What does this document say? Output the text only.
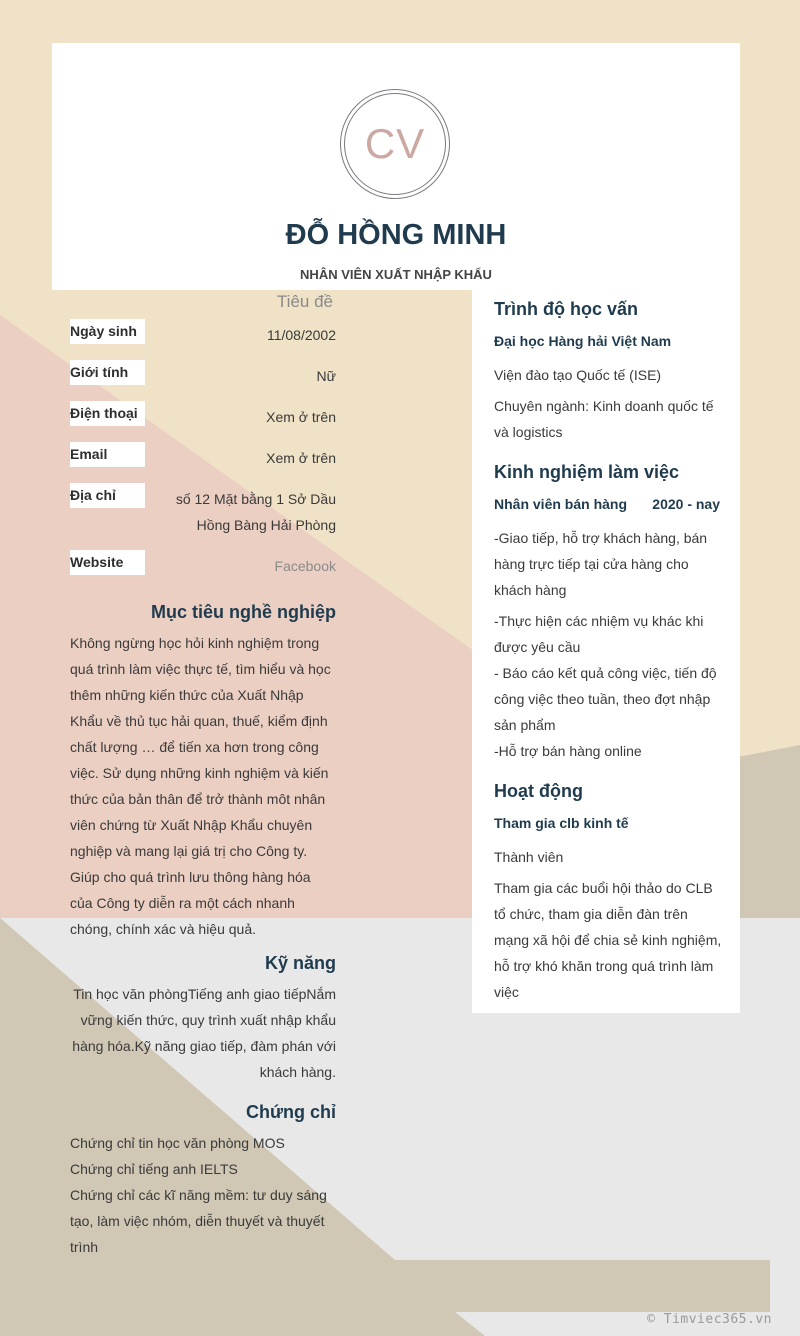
CV
ĐỖ HỒNG MINH
NHÂN VIÊN XUẤT NHẬP KHẨU
Tiêu đề
Ngày sinh	11/08/2002
Giới tính	Nữ
Điện thoại	Xem ở trên
Email	Xem ở trên
Địa chỉ	số 12 Mặt bằng 1 Sở Dầu Hồng Bàng Hải Phòng
Website	Facebook
Mục tiêu nghề nghiệp

Không ngừng học hỏi kinh nghiệm trong quá trình làm việc thực tế, tìm hiểu và học thêm những kiến thức của Xuất Nhập Khẩu về thủ tục hải quan, thuế, kiểm định chất lượng … để tiến xa hơn trong công việc. Sử dụng những kinh nghiệm và kiến thức của bản thân để trở thành môt nhân viên chứng từ Xuất Nhập Khẩu chuyên nghiệp và mang lại giá trị cho Công ty. Giúp cho quá trình lưu thông hàng hóa của Công ty diễn ra một cách nhanh chóng, chính xác và hiệu quả.

Kỹ năng

Tin học văn phòngTiếng anh giao tiếpNắm vững kiến thức, quy trình xuất nhập khẩu hàng hóa.Kỹ năng giao tiếp, đàm phán với khách hàng.

Chứng chỉ
Chứng chỉ tin học văn phòng MOS
Chứng chỉ tiếng anh IELTS
Chứng chỉ các kĩ năng mềm: tư duy sáng tạo, làm việc nhóm, diễn thuyết và thuyết trình
Trình độ học vấn
Đại học Hàng hải Việt Nam

Viện đào tạo Quốc tế (ISE)

Chuyên ngành: Kinh doanh quốc tế và logistics

Kinh nghiệm làm việc
Nhân viên bán hàng 2020 - nay

-Giao tiếp, hỗ trợ khách hàng, bán hàng trực tiếp tại cửa hàng cho khách hàng

-Thực hiện các nhiệm vụ khác khi được yêu cầu

- Báo cáo kết quả công việc, tiến độ công việc theo tuần, theo đợt nhập sản phẩm

-Hỗ trợ bán hàng online

Hoạt động
Tham gia clb kinh tế

Thành viên

Tham gia các buổi hội thảo do CLB tổ chức, tham gia diễn đàn trên mạng xã hội để chia sẻ kinh nghiệm, hỗ trợ khó khăn trong quá trình làm việc

© Timviec365.vn
